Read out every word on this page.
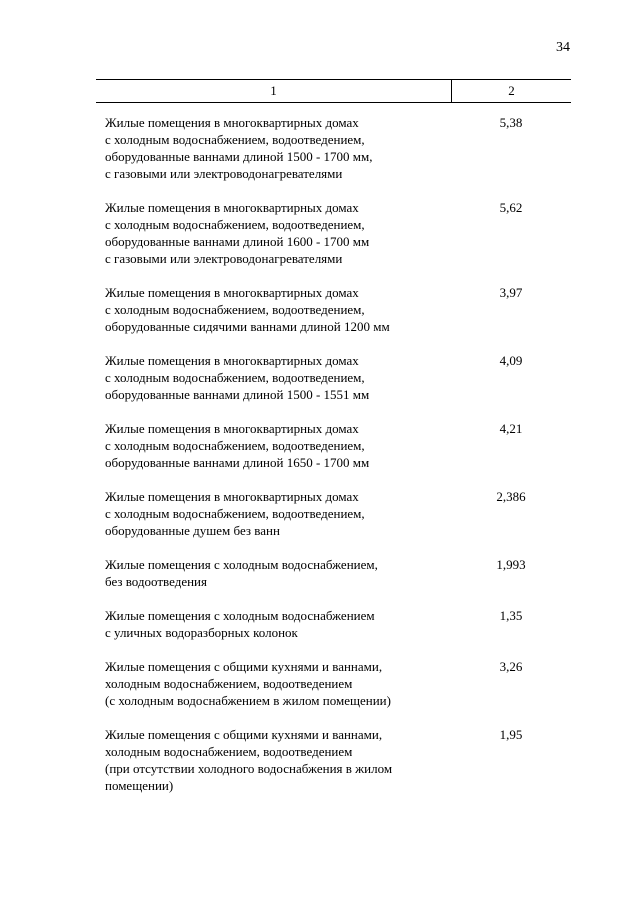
34
1	2
Жилые помещения в многоквартирных домах
с холодным водоснабжением, водоотведением,
оборудованные ваннами длиной 1500 - 1700 мм,
с газовыми или электроводонагревателями
5,38
Жилые помещения в многоквартирных домах
с холодным водоснабжением, водоотведением,
оборудованные ваннами длиной 1600 - 1700 мм
с газовыми или электроводонагревателями
5,62
Жилые помещения в многоквартирных домах
с холодным водоснабжением, водоотведением,
оборудованные сидячими ваннами длиной 1200 мм
3,97
Жилые помещения в многоквартирных домах
с холодным водоснабжением, водоотведением,
оборудованные ваннами длиной 1500 - 1551 мм
4,09
Жилые помещения в многоквартирных домах
с холодным водоснабжением, водоотведением,
оборудованные ваннами длиной 1650 - 1700 мм
4,21
Жилые помещения в многоквартирных домах
с холодным водоснабжением, водоотведением,
оборудованные душем без ванн
2,386
Жилые помещения с холодным водоснабжением,
без водоотведения
1,993
Жилые помещения с холодным водоснабжением
с уличных водоразборных колонок
1,35
Жилые помещения с общими кухнями и ваннами,
холодным водоснабжением, водоотведением
(с холодным водоснабжением в жилом помещении)
3,26
Жилые помещения с общими кухнями и ваннами,
холодным водоснабжением, водоотведением
(при отсутствии холодного водоснабжения в жилом
помещении)
1,95
